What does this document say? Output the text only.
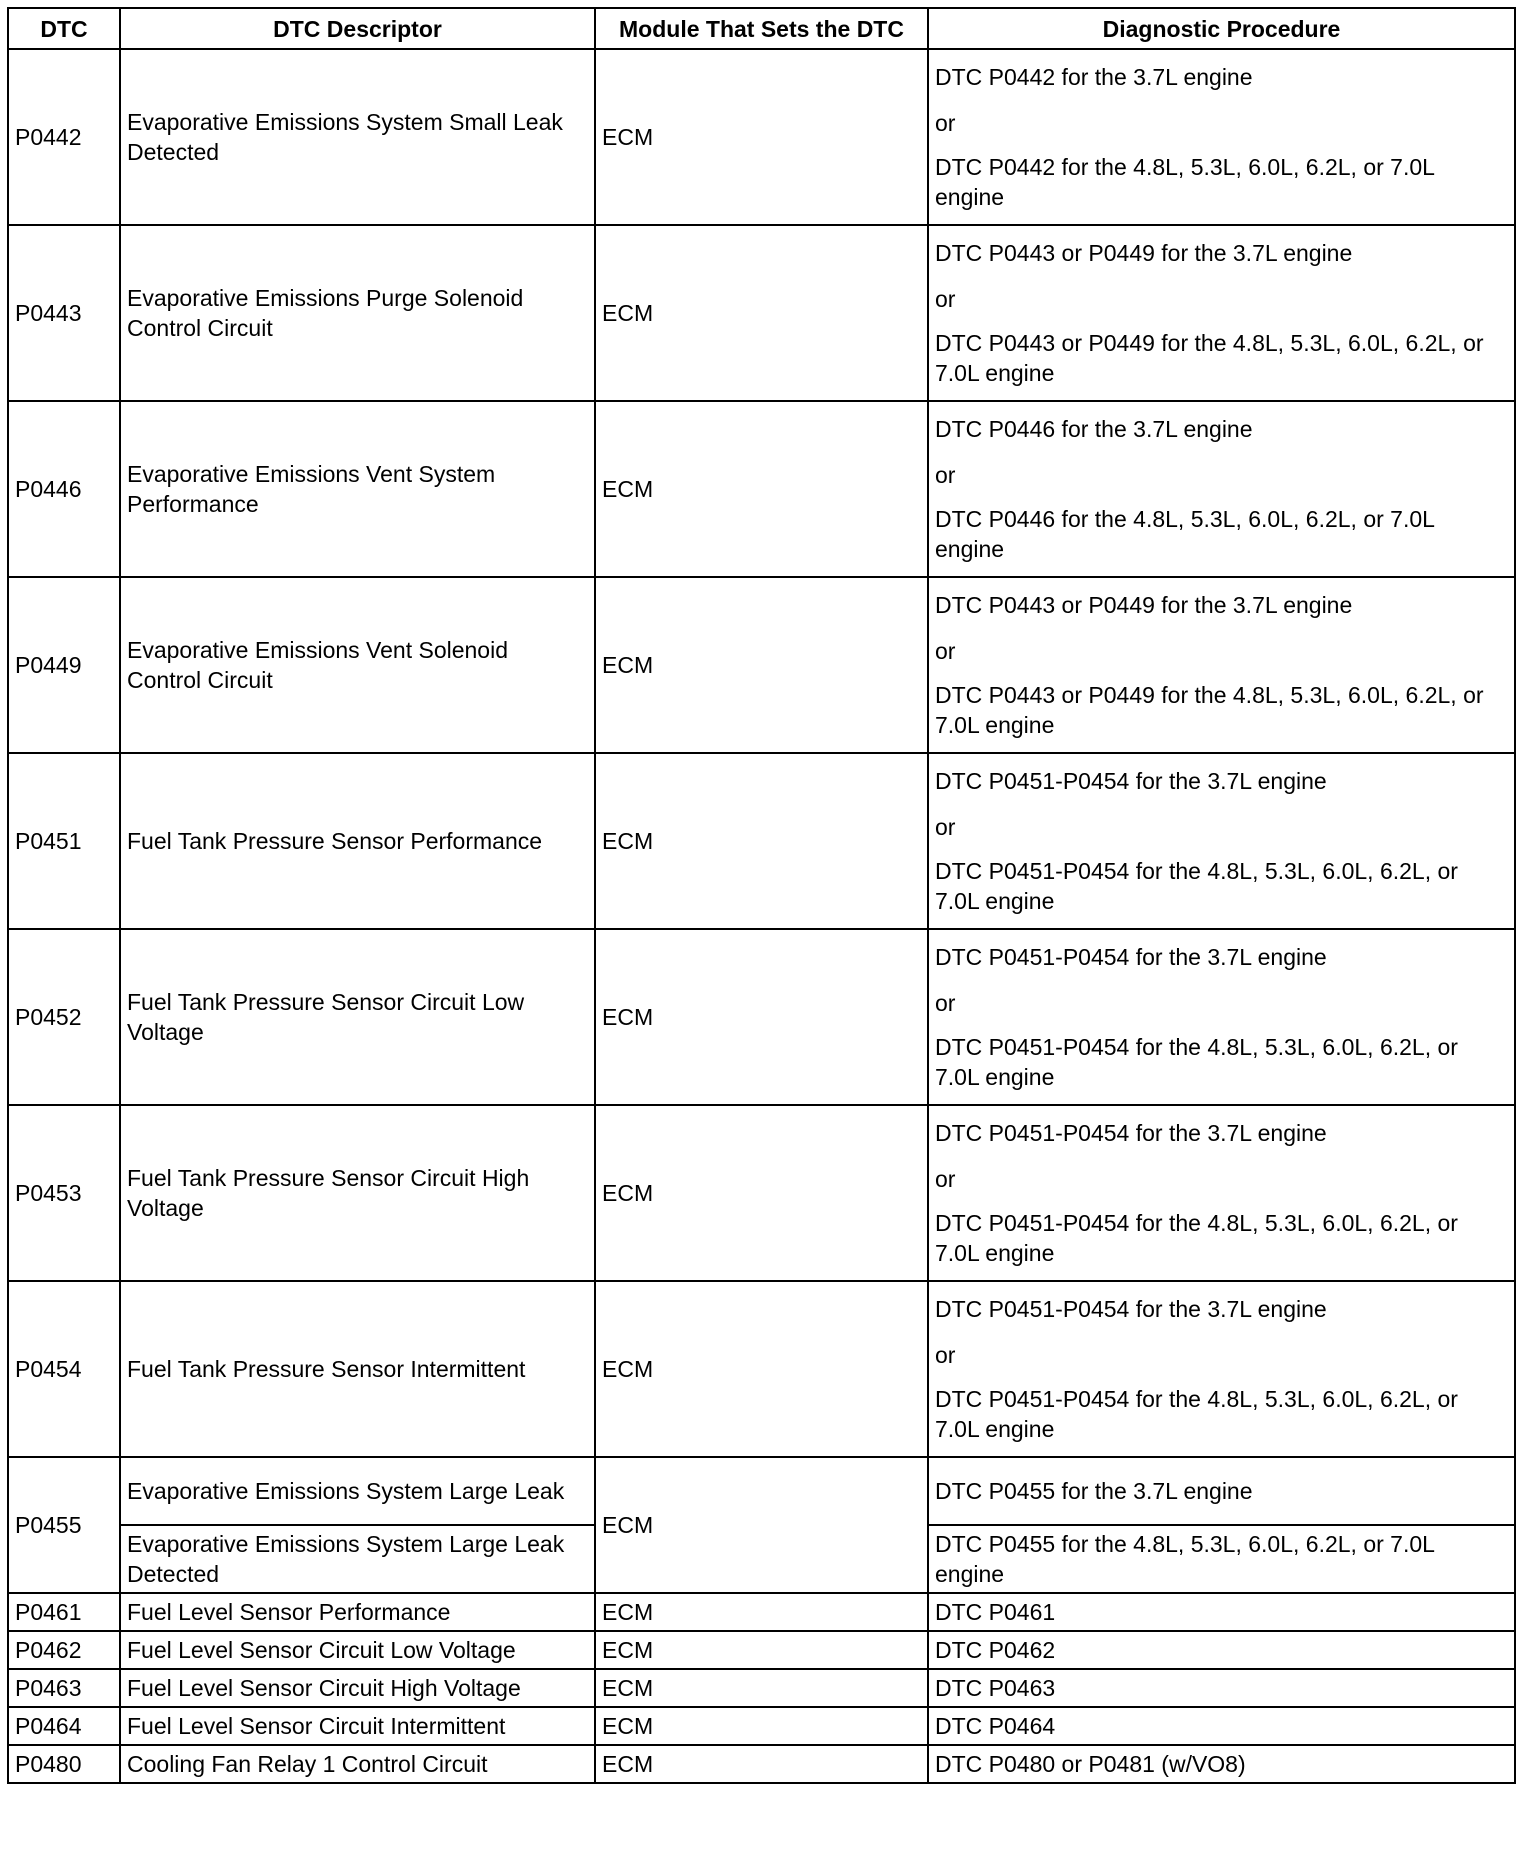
DTC	DTC Descriptor	Module That Sets the DTC	Diagnostic Procedure
P0442	Evaporative Emissions System Small Leak Detected	ECM	DTC P0442 for the 3.7L engine
or
DTC P0442 for the 4.8L, 5.3L, 6.0L, 6.2L, or 7.0L engine

P0443	Evaporative Emissions Purge Solenoid Control Circuit	ECM	DTC P0443 or P0449 for the 3.7L engine
or
DTC P0443 or P0449 for the 4.8L, 5.3L, 6.0L, 6.2L, or 7.0L engine

P0446	Evaporative Emissions Vent System Performance	ECM	DTC P0446 for the 3.7L engine
or
DTC P0446 for the 4.8L, 5.3L, 6.0L, 6.2L, or 7.0L engine

P0449	Evaporative Emissions Vent Solenoid Control Circuit	ECM	DTC P0443 or P0449 for the 3.7L engine
or
DTC P0443 or P0449 for the 4.8L, 5.3L, 6.0L, 6.2L, or 7.0L engine

P0451	Fuel Tank Pressure Sensor Performance	ECM	DTC P0451-P0454 for the 3.7L engine
or
DTC P0451-P0454 for the 4.8L, 5.3L, 6.0L, 6.2L, or 7.0L engine

P0452	Fuel Tank Pressure Sensor Circuit Low Voltage	ECM	DTC P0451-P0454 for the 3.7L engine
or
DTC P0451-P0454 for the 4.8L, 5.3L, 6.0L, 6.2L, or 7.0L engine

P0453	Fuel Tank Pressure Sensor Circuit High Voltage	ECM	DTC P0451-P0454 for the 3.7L engine
or
DTC P0451-P0454 for the 4.8L, 5.3L, 6.0L, 6.2L, or 7.0L engine

P0454	Fuel Tank Pressure Sensor Intermittent	ECM	DTC P0451-P0454 for the 3.7L engine
or
DTC P0451-P0454 for the 4.8L, 5.3L, 6.0L, 6.2L, or 7.0L engine

P0455	Evaporative Emissions System Large Leak	ECM	DTC P0455 for the 3.7L engine
	Evaporative Emissions System Large Leak Detected		DTC P0455 for the 4.8L, 5.3L, 6.0L, 6.2L, or 7.0L engine
P0461	Fuel Level Sensor Performance	ECM	DTC P0461
P0462	Fuel Level Sensor Circuit Low Voltage	ECM	DTC P0462
P0463	Fuel Level Sensor Circuit High Voltage	ECM	DTC P0463
P0464	Fuel Level Sensor Circuit Intermittent	ECM	DTC P0464
P0480	Cooling Fan Relay 1 Control Circuit	ECM	DTC P0480 or P0481 (w/VO8)
